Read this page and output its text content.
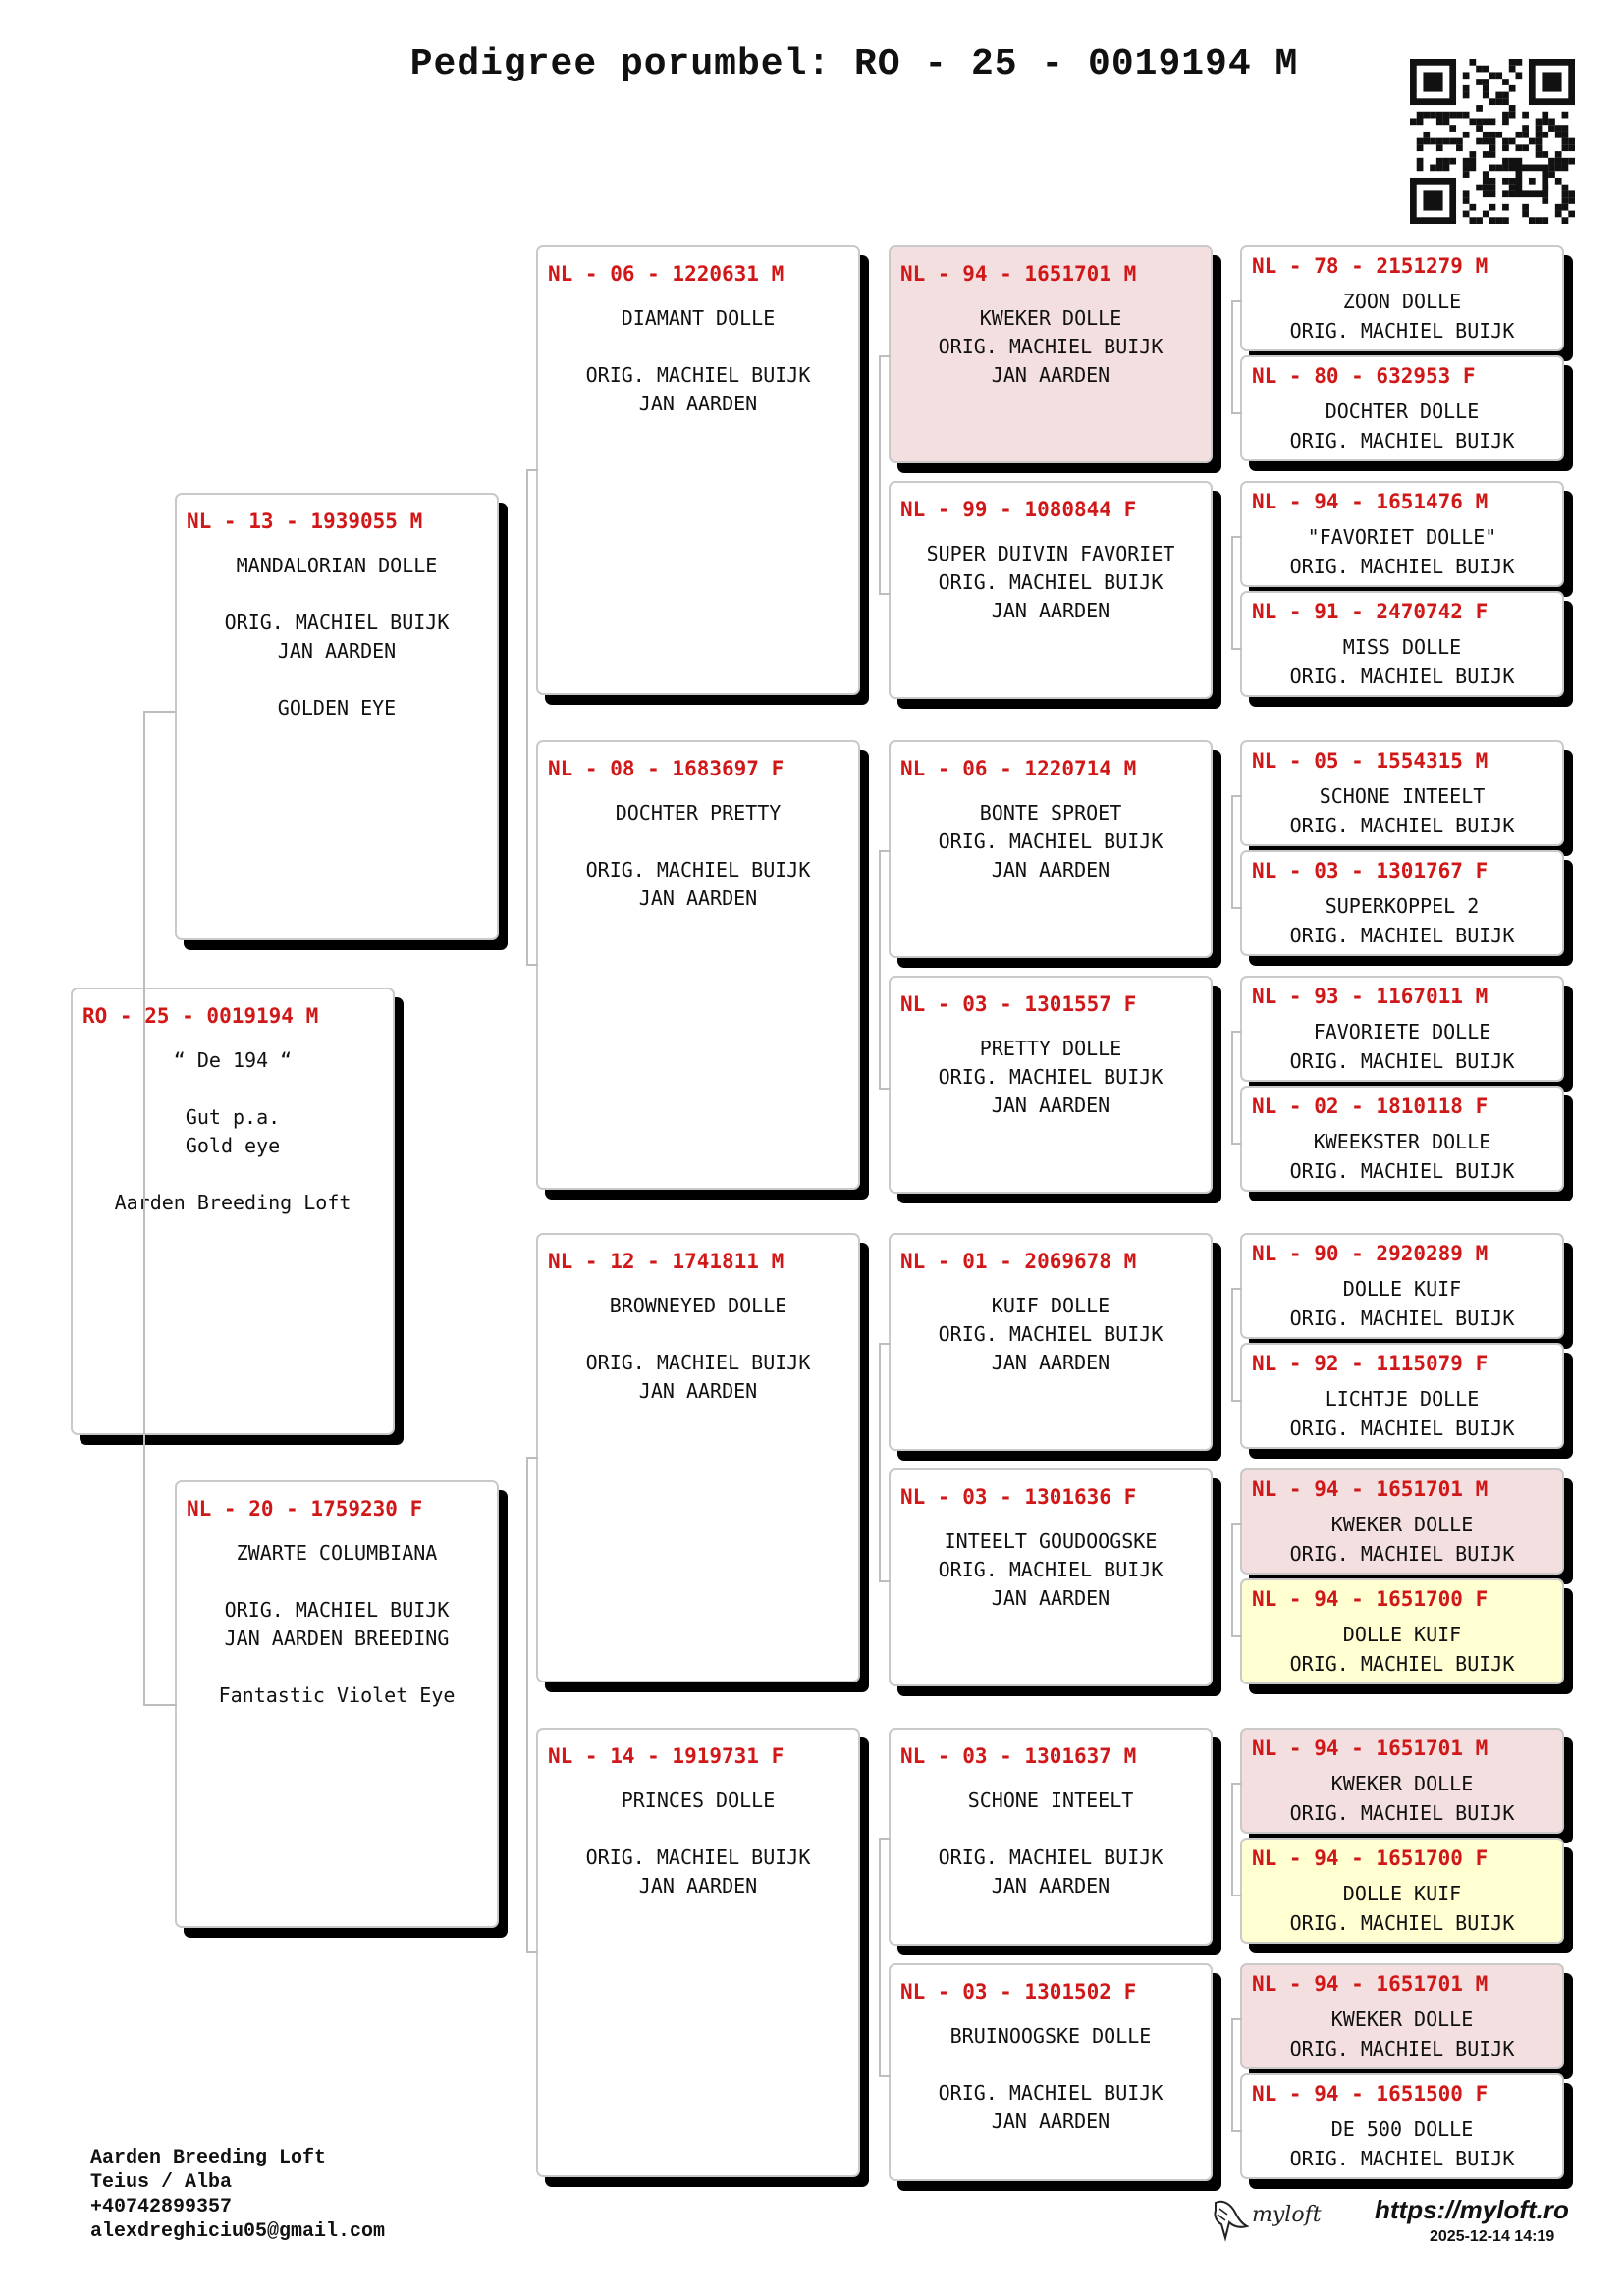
Pedigree porumbel: RO - 25 - 0019194 M
RO - 25 - 0019194 M
“ De 194 “
Gut p.a.
Gold eye
Aarden Breeding Loft
NL - 13 - 1939055 M
MANDALORIAN DOLLE
ORIG. MACHIEL BUIJK
JAN AARDEN
GOLDEN EYE
NL - 20 - 1759230 F
ZWARTE COLUMBIANA
ORIG. MACHIEL BUIJK
JAN AARDEN BREEDING
Fantastic Violet Eye
NL - 06 - 1220631 M
DIAMANT DOLLE
ORIG. MACHIEL BUIJK
JAN AARDEN
NL - 08 - 1683697 F
DOCHTER PRETTY
ORIG. MACHIEL BUIJK
JAN AARDEN
NL - 12 - 1741811 M
BROWNEYED DOLLE
ORIG. MACHIEL BUIJK
JAN AARDEN
NL - 14 - 1919731 F
PRINCES DOLLE
ORIG. MACHIEL BUIJK
JAN AARDEN
NL - 94 - 1651701 M
KWEKER DOLLE
ORIG. MACHIEL BUIJK
JAN AARDEN
NL - 99 - 1080844 F
SUPER DUIVIN FAVORIET
ORIG. MACHIEL BUIJK
JAN AARDEN
NL - 06 - 1220714 M
BONTE SPROET
ORIG. MACHIEL BUIJK
JAN AARDEN
NL - 03 - 1301557 F
PRETTY DOLLE
ORIG. MACHIEL BUIJK
JAN AARDEN
NL - 01 - 2069678 M
KUIF DOLLE
ORIG. MACHIEL BUIJK
JAN AARDEN
NL - 03 - 1301636 F
INTEELT GOUDOOGSKE
ORIG. MACHIEL BUIJK
JAN AARDEN
NL - 03 - 1301637 M
SCHONE INTEELT
ORIG. MACHIEL BUIJK
JAN AARDEN
NL - 03 - 1301502 F
BRUINOOGSKE DOLLE
ORIG. MACHIEL BUIJK
JAN AARDEN
NL - 78 - 2151279 M
ZOON DOLLE
ORIG. MACHIEL BUIJK
NL - 80 - 632953 F
DOCHTER DOLLE
ORIG. MACHIEL BUIJK
NL - 94 - 1651476 M
"FAVORIET DOLLE"
ORIG. MACHIEL BUIJK
NL - 91 - 2470742 F
MISS DOLLE
ORIG. MACHIEL BUIJK
NL - 05 - 1554315 M
SCHONE INTEELT
ORIG. MACHIEL BUIJK
NL - 03 - 1301767 F
SUPERKOPPEL 2
ORIG. MACHIEL BUIJK
NL - 93 - 1167011 M
FAVORIETE DOLLE
ORIG. MACHIEL BUIJK
NL - 02 - 1810118 F
KWEEKSTER DOLLE
ORIG. MACHIEL BUIJK
NL - 90 - 2920289 M
DOLLE KUIF
ORIG. MACHIEL BUIJK
NL - 92 - 1115079 F
LICHTJE DOLLE
ORIG. MACHIEL BUIJK
NL - 94 - 1651701 M
KWEKER DOLLE
ORIG. MACHIEL BUIJK
NL - 94 - 1651700 F
DOLLE KUIF
ORIG. MACHIEL BUIJK
NL - 94 - 1651701 M
KWEKER DOLLE
ORIG. MACHIEL BUIJK
NL - 94 - 1651700 F
DOLLE KUIF
ORIG. MACHIEL BUIJK
NL - 94 - 1651701 M
KWEKER DOLLE
ORIG. MACHIEL BUIJK
NL - 94 - 1651500 F
DE 500 DOLLE
ORIG. MACHIEL BUIJK
Aarden Breeding Loft
Teius / Alba
+40742899357
alexdreghiciu05@gmail.com
myloft https://myloft.ro
2025-12-14 14:19
